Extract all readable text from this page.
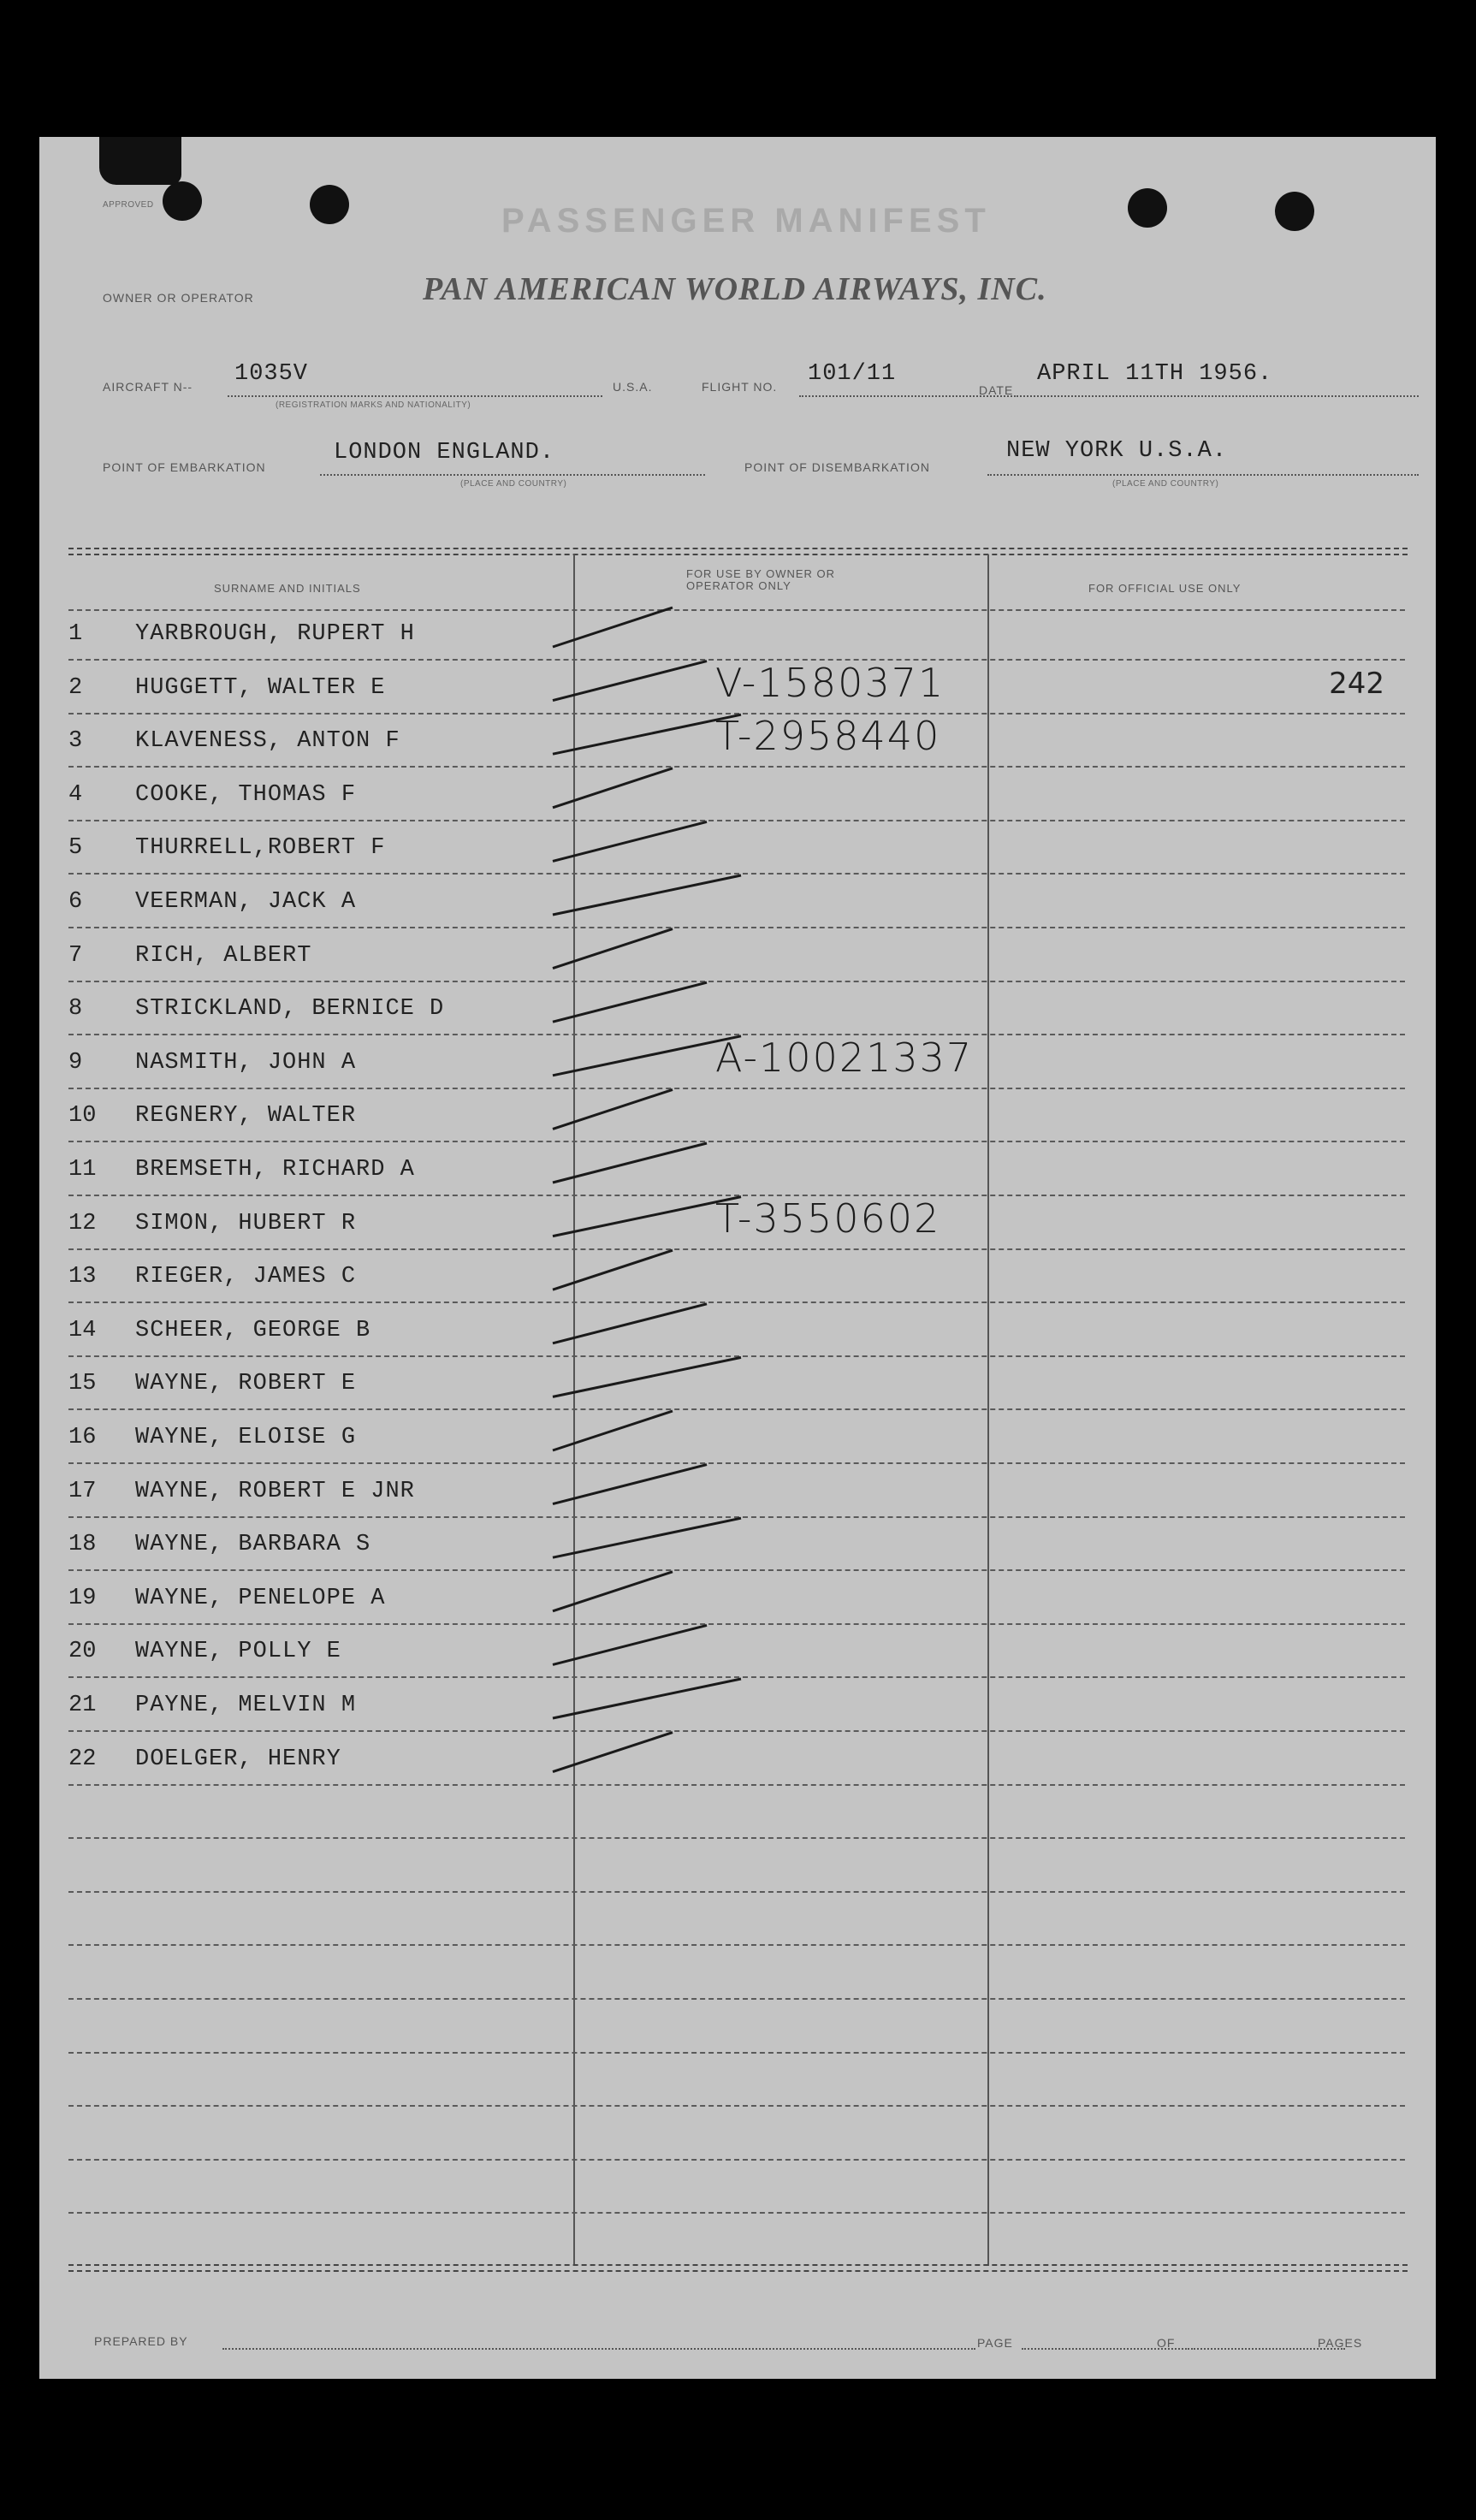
APPROVED	PASSENGER MANIFEST
OWNER OR OPERATOR	PAN AMERICAN WORLD AIRWAYS, INC.
AIRCRAFT N-- 1035V
(REGISTRATION MARKS AND NATIONALITY)
U.S.A.	FLIGHT NO. 101/11
DATE
APRIL 11TH 1956.
POINT OF EMBARKATION
LONDON ENGLAND.
(PLACE AND COUNTRY)
POINT OF DISEMBARKATION
NEW YORK U.S.A.
(PLACE AND COUNTRY)
SURNAME AND INITIALS
FOR USE BY OWNER OR OPERATOR ONLY	FOR OFFICIAL USE ONLY
1	YARBROUGH, RUPERT H
2	HUGGETT, WALTER E	V-1580371	242
3	KLAVENESS, ANTON F	T-2958440
4	COOKE, THOMAS F
5	THURRELL,ROBERT F
6	VEERMAN, JACK A
7	RICH, ALBERT
8	STRICKLAND, BERNICE D
9	NASMITH, JOHN A	A-10021337
10 REGNERY, WALTER
11 BREMSETH, RICHARD A
12 SIMON, HUBERT R	T-3550602
13 RIEGER, JAMES C
14 SCHEER, GEORGE B
15 WAYNE, ROBERT E
16 WAYNE, ELOISE G
17 WAYNE, ROBERT E JNR
18 WAYNE, BARBARA S
19 WAYNE, PENELOPE A
20 WAYNE, POLLY E
21 PAYNE, MELVIN M
22 DOELGER, HENRY
PREPARED BY	PAGE	OF	PAGES
